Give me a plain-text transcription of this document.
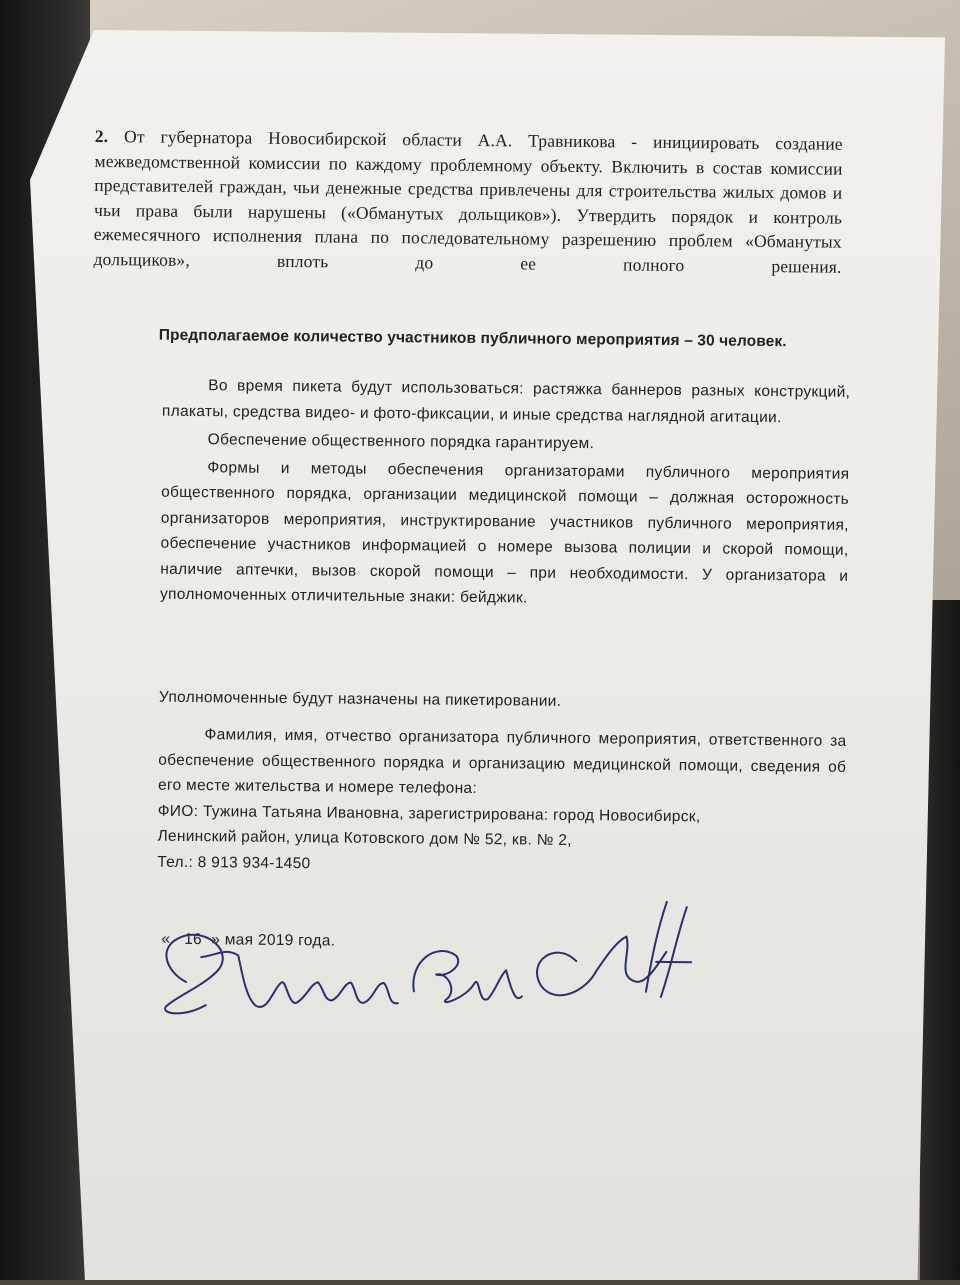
2. От губернатора Новосибирской области А.А. Травникова - инициировать создание межведомственной комиссии по каждому проблемному объекту. Включить в состав комиссии представителей граждан, чьи денежные средства привлечены для строительства жилых домов и чьи права были нарушены («Обманутых дольщиков»). Утвердить порядок и контроль ежемесячного исполнения плана по последовательному разрешению проблем «Обманутых дольщиков», вплоть до ее полного решения.

Предполагаемое количество участников публичного мероприятия – 30 человек.

Во время пикета будут использоваться: растяжка баннеров разных конструкций, плакаты, средства видео- и фото-фиксации, и иные средства наглядной агитации.

Обеспечение общественного порядка гарантируем.

Формы и методы обеспечения организаторами публичного мероприятия общественного порядка, организации медицинской помощи – должная осторожность организаторов мероприятия, инструктирование участников публичного мероприятия, обеспечение участников информацией о номере вызова полиции и скорой помощи, наличие аптечки, вызов скорой помощи – при необходимости. У организатора и уполномоченных отличительные знаки: бейджик.

Уполномоченные будут назначены на пикетировании.

Фамилия, имя, отчество организатора публичного мероприятия, ответственного за обеспечение общественного порядка и организацию медицинской помощи, сведения об его месте жительства и номере телефона:

ФИО: Тужина Татьяна Ивановна, зарегистрирована: город Новосибирск,

Ленинский район, улица Котовского дом № 52, кв. № 2,

Тел.: 8 913 934-1450

« 16 » мая 2019 года.
